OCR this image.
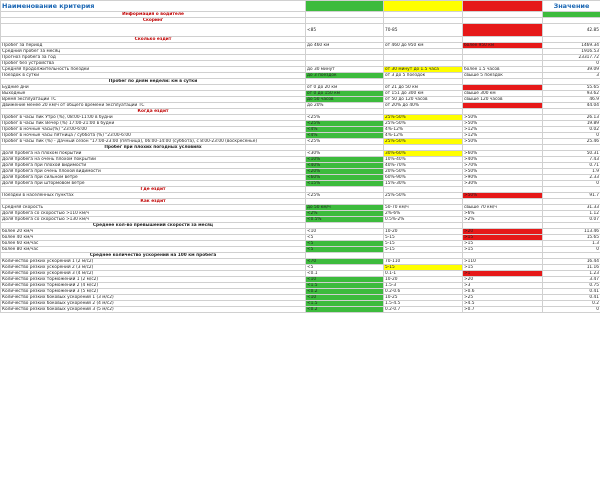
Наименование критерия				Значение
Информация о водителе				
Скоринг				
	<85	70-85		42.85
Сколько ездит				
Пробег за период	до 460 км	от 460 до 950 км	более 950 км	1469.34
Средний пробег за месяц				1916.53
Прогноз пробега за год				23317.72
Пробег без устройства				0
Средняя продолжительность поездки	до 30 минут	от 30 минут до 1.5 часа	более 1.5 часов	39.09
Поездок в сутки	до 3 поездок	от 3 до 5 поездок	свыше 5 поездок	3
Пробег по дням недели: км в сутки				
Будние дни	от 0 до 20 км	от 21 до 50 км		55.65
Выходные	от 0 до 150 км	от 151 до 300 км	свыше 300 км	93.62
Время эксплуатации ТС	до 50 часов	от 50 до 120 часов	свыше 120 часов	46.9
Движение менее 20 км/ч от общего времени эксплуатации ТС	до 20%	от 20% до 40%		44.04
Когда ездит				
Пробег в часы пик Утро (%), 08:00-11:00 в будни	<25%	25%-50%	>50%	26.13
Пробег в часы пик Вечер (%) 17:00-21:00 в будни	<25%	25%-50%	>50%	19.89
Пробег в ночные часы(%) "23:00-6:00	<4%	4%-12%	>12%	0.02
Пробег в ночные часы пятница / суббота (%) "23:00-6:00	<4%	4%-12%	>12%	0
Пробег в часы пик (%) - Дачный сезон "17:00-23:00 (пятница), 06:00-14:00 (суббота), с 8:00-23:00 (воскресенье)	<25%	25%-50%	>50%	25.46
Пробег при плохих погодных условиях				
Доля пробега на плохом покрытии	<30%	30%-60%	>60%	50.31
Доля пробега на очень плохом покрытии	<10%	10%-40%	>40%	7.43
Доля пробега при плохой видимости	<40%	40%-70%	>70%	0.71
Доля пробега при очень плохой видимости	<20%	20%-50%	>50%	1.9
Доля пробега при сильном ветре	<60%	60%-90%	>90%	2.33
Доля пробега при штормовом ветре	<15%	15%-30%	>30%	0
Где ездит				
Поездки в населенных пунктах	<25%	25%-50%	>50%	91.7
Как ездит				
Средняя скорость	до 50 км/ч	50-70 км/ч	свыше 70 км/ч	31.33
Доля пробега со скоростью >110 км/ч	<2%	2%-6%	>6%	1.12
Доля пробега со скоростью >130 км/ч	<0.5%	0.5%-2%	>2%	0.07
Среднее кол-во превышений скорости за месяц				
более 20 км/ч	<10	10-20	>20	113.46
более 40 км/ч	<5	5-15	>15	15.65
более 60 км/час	<5	5-15	>15	1.3
более 80 км/час	<5	5-15	>15	0
Среднее количество ускорений на 100 км пробега				
Количество резких ускорений 1 (2 м/с2)	<70	70-110	>110	16.44
Количество резких ускорений 2 (3 м/с2)	<5	5-15	>15	11.16
Количество резких ускорений 3 (4 м/с2)	<0.1	0.1-1	>1	1.23
Количество резких торможений 1 (2 м/с2)	<10	10-20	>20	3.47
Количество резких торможений 2 (4 м/с2)	<1.5	1.5-3	>3	0.75
Количество резких торможений 3 (5 м/с2)	<0.2	0.2-0.6	>0.6	0.41
Количество резких боковых ускорений 1 (3 м/с2)	<10	10-25	>25	0.41
Количество резких боковых ускорений 2 (4 м/с2)	<1.5	1.5-4.5	>4.5	0.2
Количество резких боковых ускорений 3 (5 м/с2)	<0.2	0.2-0.7	>0.7	0
